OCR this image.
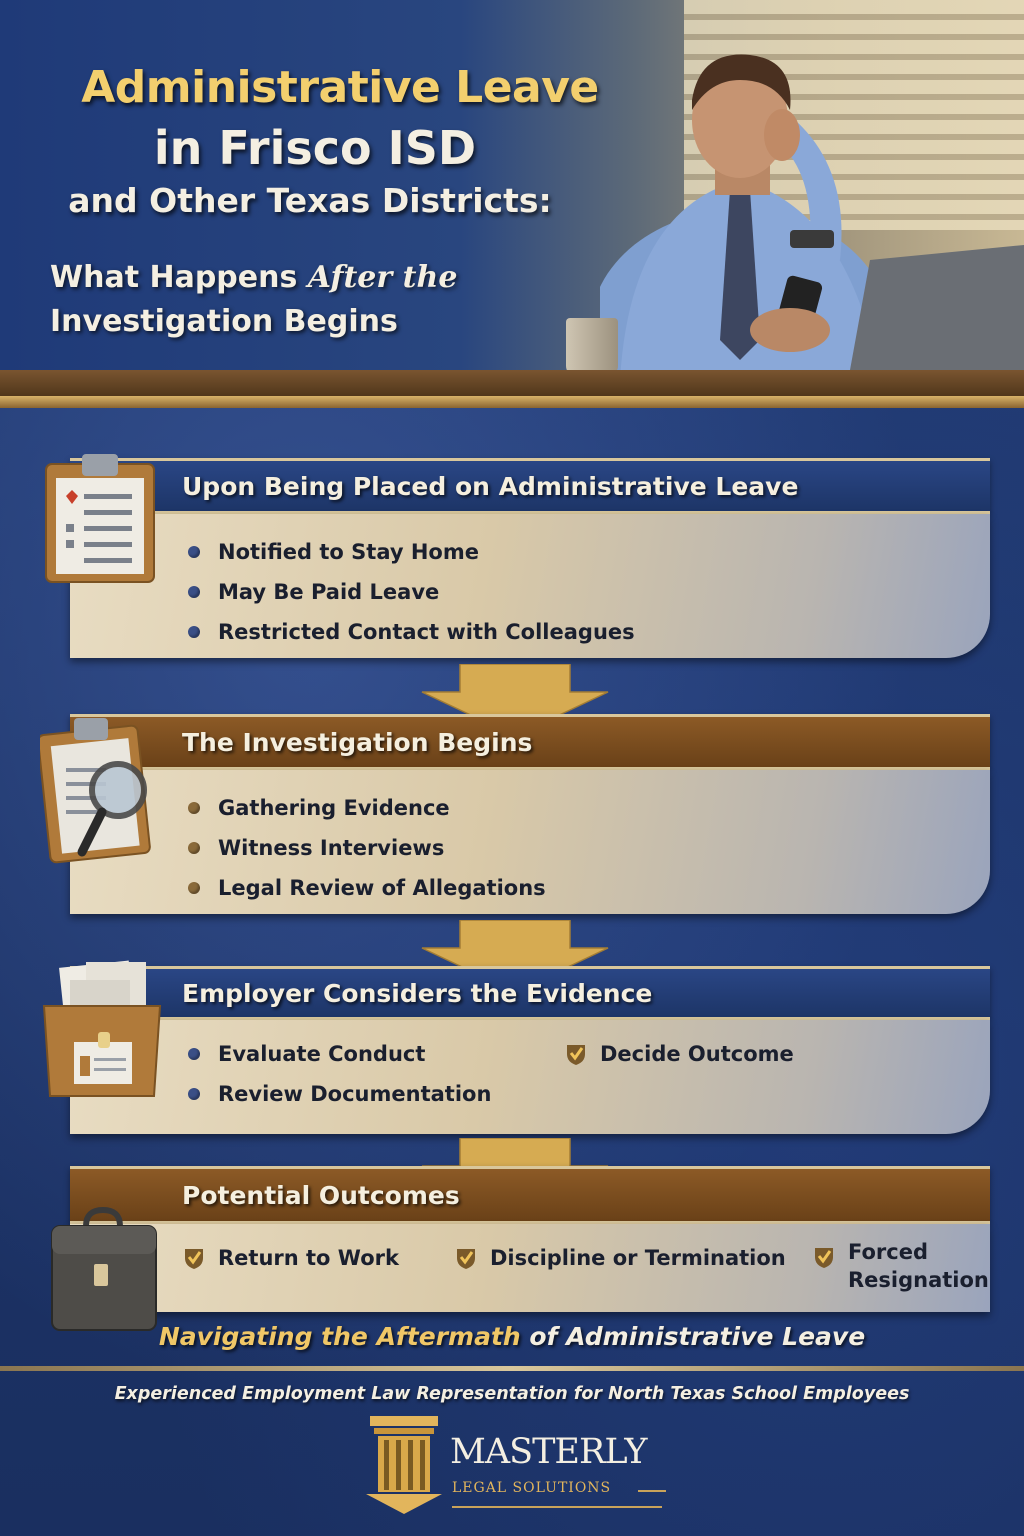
Administrative Leave
in Frisco ISD
and Other Texas Districts:
What Happens After the
Investigation Begins
Upon Being Placed on Administrative Leave
Notified to Stay Home
May Be Paid Leave
Restricted Contact with Colleagues
The Investigation Begins
Gathering Evidence
Witness Interviews
Legal Review of Allegations
Employer Considers the Evidence
Evaluate Conduct
Review Documentation
Decide Outcome
Potential Outcomes
Return to Work	Discipline or Termination	Forced Resignation
Navigating the Aftermath of Administrative Leave
Experienced Employment Law Representation for North Texas School Employees
MASTERLY
LEGAL SOLUTIONS
